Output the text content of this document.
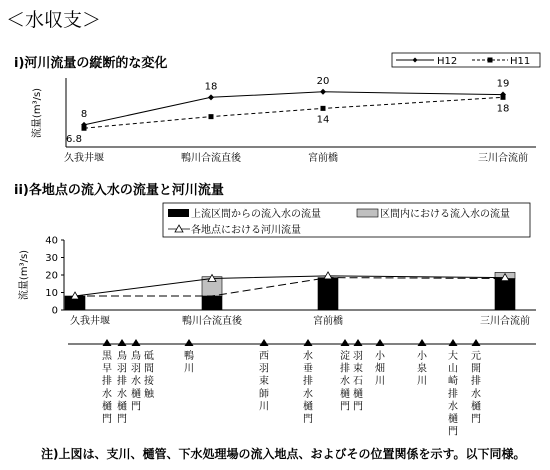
＜水収支＞
i)河川流量の縦断的な変化	H12	H11
流量(m³/s)	8
18
20	19
6.8
14
18
久我井堰	鴨川合流直後	宮前橋	三川合流前
ii)各地点の流入水の流量と河川流量
上流区間からの流入水の流量	区間内における流入水の流量
各地点における河川流量
流量(m³/s)
0
10
20
30
40
久我井堰	鴨川合流直後	宮前橋	三川合流前
黒
早
排
水
樋
門
鳥
羽
排
水
樋
門
鳥
羽
水
樋
門
砥
間
接
触
鴨
川
西
羽
束
師
川
水
垂
排
水
樋
門
淀
排
水
樋
門
羽
束
石
樋
門
小
畑
川
小
泉
川
大
山
崎
排
水
樋
門
元
開
排
水
樋
門
注)上図は、支川、樋管、下水処理場の流入地点、およびその位置関係を示す。以下同様。
